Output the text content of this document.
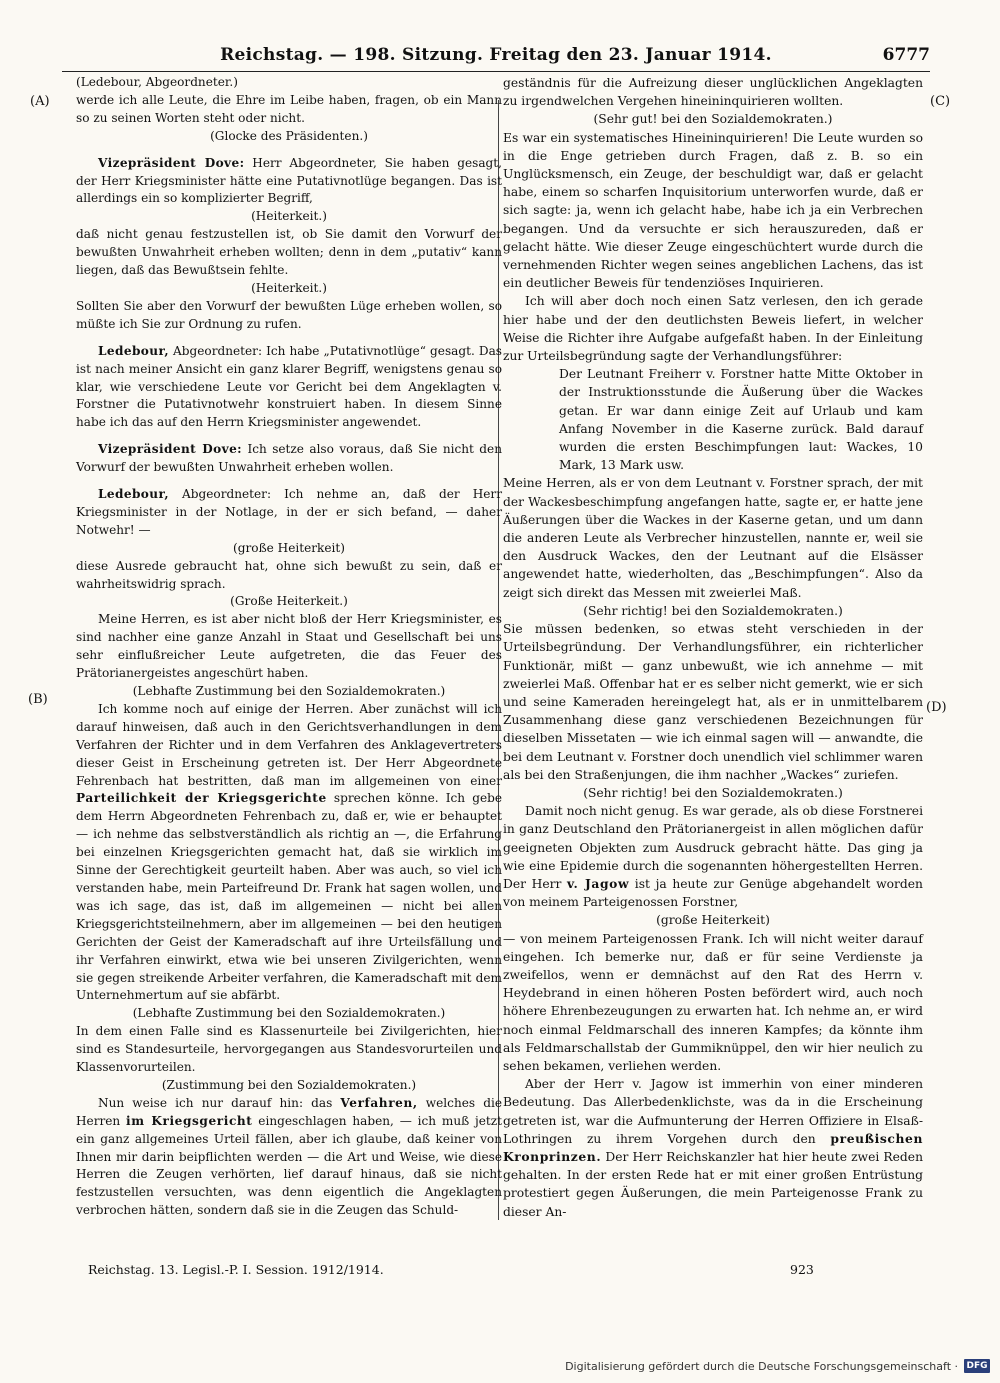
Reichstag. — 198. Sitzung. Freitag den 23. Januar 1914.	6777
(A)
(B)
(C)
(D)

(Ledebour, Abgeordneter.)

werde ich alle Leute, die Ehre im Leibe haben, fragen, ob ein Mann so zu seinen Worten steht oder nicht.

(Glocke des Präsidenten.)

Vizepräsident Dove: Herr Abgeordneter, Sie haben gesagt, der Herr Kriegsminister hätte eine Putativnotlüge begangen. Das ist allerdings ein so komplizierter Begriff,

(Heiterkeit.)

daß nicht genau festzustellen ist, ob Sie damit den Vorwurf der bewußten Unwahrheit erheben wollten; denn in dem „putativ“ kann liegen, daß das Bewußtsein fehlte.

(Heiterkeit.)

Sollten Sie aber den Vorwurf der bewußten Lüge erheben wollen, so müßte ich Sie zur Ordnung zu rufen.

Ledebour, Abgeordneter: Ich habe „Putativnotlüge“ gesagt. Das ist nach meiner Ansicht ein ganz klarer Begriff, wenigstens genau so klar, wie verschiedene Leute vor Gericht bei dem Angeklagten v. Forstner die Putativnotwehr konstruiert haben. In diesem Sinne habe ich das auf den Herrn Kriegsminister angewendet.

Vizepräsident Dove: Ich setze also voraus, daß Sie nicht den Vorwurf der bewußten Unwahrheit erheben wollen.

Ledebour, Abgeordneter: Ich nehme an, daß der Herr Kriegsminister in der Notlage, in der er sich befand, — daher Notwehr! —

(große Heiterkeit)

diese Ausrede gebraucht hat, ohne sich bewußt zu sein, daß er wahrheitswidrig sprach.

(Große Heiterkeit.)

Meine Herren, es ist aber nicht bloß der Herr Kriegsminister, es sind nachher eine ganze Anzahl in Staat und Gesellschaft bei uns sehr einflußreicher Leute aufgetreten, die das Feuer des Prätorianergeistes angeschürt haben.

(Lebhafte Zustimmung bei den Sozialdemokraten.)

Ich komme noch auf einige der Herren. Aber zunächst will ich darauf hinweisen, daß auch in den Gerichtsverhandlungen in dem Verfahren der Richter und in dem Verfahren des Anklagevertreters dieser Geist in Erscheinung getreten ist. Der Herr Abgeordnete Fehrenbach hat bestritten, daß man im allgemeinen von einer Parteilichkeit der Kriegsgerichte sprechen könne. Ich gebe dem Herrn Abgeordneten Fehrenbach zu, daß er, wie er behauptet — ich nehme das selbstverständlich als richtig an —, die Erfahrung bei einzelnen Kriegsgerichten gemacht hat, daß sie wirklich im Sinne der Gerechtigkeit geurteilt haben. Aber was auch, so viel ich verstanden habe, mein Parteifreund Dr. Frank hat sagen wollen, und was ich sage, das ist, daß im allgemeinen — nicht bei allen Kriegsgerichtsteilnehmern, aber im allgemeinen — bei den heutigen Gerichten der Geist der Kameradschaft auf ihre Urteilsfällung und ihr Verfahren einwirkt, etwa wie bei unseren Zivilgerichten, wenn sie gegen streikende Arbeiter verfahren, die Kameradschaft mit dem Unternehmertum auf sie abfärbt.

(Lebhafte Zustimmung bei den Sozialdemokraten.)

In dem einen Falle sind es Klassenurteile bei Zivilgerichten, hier sind es Standesurteile, hervorgegangen aus Standesvorurteilen und Klassenvorurteilen.

(Zustimmung bei den Sozialdemokraten.)

Nun weise ich nur darauf hin: das Verfahren, welches die Herren im Kriegsgericht eingeschlagen haben, — ich muß jetzt ein ganz allgemeines Urteil fällen, aber ich glaube, daß keiner von Ihnen mir darin beipflichten werden — die Art und Weise, wie diese Herren die Zeugen verhörten, lief darauf hinaus, daß sie nicht festzustellen versuchten, was denn eigentlich die Angeklagten verbrochen hätten, sondern daß sie in die Zeugen das Schuld-

geständnis für die Aufreizung dieser unglücklichen Angeklagten zu irgendwelchen Vergehen hineininquirieren wollten.

(Sehr gut! bei den Sozialdemokraten.)

Es war ein systematisches Hineininquirieren! Die Leute wurden so in die Enge getrieben durch Fragen, daß z. B. so ein Unglücksmensch, ein Zeuge, der beschuldigt war, daß er gelacht habe, einem so scharfen Inquisitorium unterworfen wurde, daß er sich sagte: ja, wenn ich gelacht habe, habe ich ja ein Verbrechen begangen. Und da versuchte er sich herauszureden, daß er gelacht hätte. Wie dieser Zeuge eingeschüchtert wurde durch die vernehmenden Richter wegen seines angeblichen Lachens, das ist ein deutlicher Beweis für tendenziöses Inquirieren.

Ich will aber doch noch einen Satz verlesen, den ich gerade hier habe und der den deutlichsten Beweis liefert, in welcher Weise die Richter ihre Aufgabe aufgefaßt haben. In der Einleitung zur Urteilsbegründung sagte der Verhandlungsführer:

Der Leutnant Freiherr v. Forstner hatte Mitte Oktober in der Instruktionsstunde die Äußerung über die Wackes getan. Er war dann einige Zeit auf Urlaub und kam Anfang November in die Kaserne zurück. Bald darauf wurden die ersten Beschimpfungen laut: Wackes, 10 Mark, 13 Mark usw.

Meine Herren, als er von dem Leutnant v. Forstner sprach, der mit der Wackesbeschimpfung angefangen hatte, sagte er, er hatte jene Äußerungen über die Wackes in der Kaserne getan, und um dann die anderen Leute als Verbrecher hinzustellen, nannte er, weil sie den Ausdruck Wackes, den der Leutnant auf die Elsässer angewendet hatte, wiederholten, das „Beschimpfungen“. Also da zeigt sich direkt das Messen mit zweierlei Maß.

(Sehr richtig! bei den Sozialdemokraten.)

Sie müssen bedenken, so etwas steht verschieden in der Urteilsbegründung. Der Verhandlungsführer, ein richterlicher Funktionär, mißt — ganz unbewußt, wie ich annehme — mit zweierlei Maß. Offenbar hat er es selber nicht gemerkt, wie er sich und seine Kameraden hereingelegt hat, als er in unmittelbarem Zusammenhang diese ganz verschiedenen Bezeichnungen für dieselben Missetaten — wie ich einmal sagen will — anwandte, die bei dem Leutnant v. Forstner doch unendlich viel schlimmer waren als bei den Straßenjungen, die ihm nachher „Wackes“ zuriefen.

(Sehr richtig! bei den Sozialdemokraten.)

Damit noch nicht genug. Es war gerade, als ob diese Forstnerei in ganz Deutschland den Prätorianergeist in allen möglichen dafür geeigneten Objekten zum Ausdruck gebracht hätte. Das ging ja wie eine Epidemie durch die sogenannten höhergestellten Herren. Der Herr v. Jagow ist ja heute zur Genüge abgehandelt worden von meinem Parteigenossen Forstner,

(große Heiterkeit)

— von meinem Parteigenossen Frank. Ich will nicht weiter darauf eingehen. Ich bemerke nur, daß er für seine Verdienste ja zweifellos, wenn er demnächst auf den Rat des Herrn v. Heydebrand in einen höheren Posten befördert wird, auch noch höhere Ehrenbezeugungen zu erwarten hat. Ich nehme an, er wird noch einmal Feldmarschall des inneren Kampfes; da könnte ihm als Feldmarschallstab der Gummiknüppel, den wir hier neulich zu sehen bekamen, verliehen werden.

Aber der Herr v. Jagow ist immerhin von einer minderen Bedeutung. Das Allerbedenklichste, was da in die Erscheinung getreten ist, war die Aufmunterung der Herren Offiziere in Elsaß-Lothringen zu ihrem Vorgehen durch den preußischen Kronprinzen. Der Herr Reichskanzler hat hier heute zwei Reden gehalten. In der ersten Rede hat er mit einer großen Entrüstung protestiert gegen Äußerungen, die mein Parteigenosse Frank zu dieser An-

Reichstag. 13. Legisl.-P. I. Session. 1912/1914.	923
Digitalisierung gefördert durch die Deutsche Forschungsgemeinschaft · DFG
